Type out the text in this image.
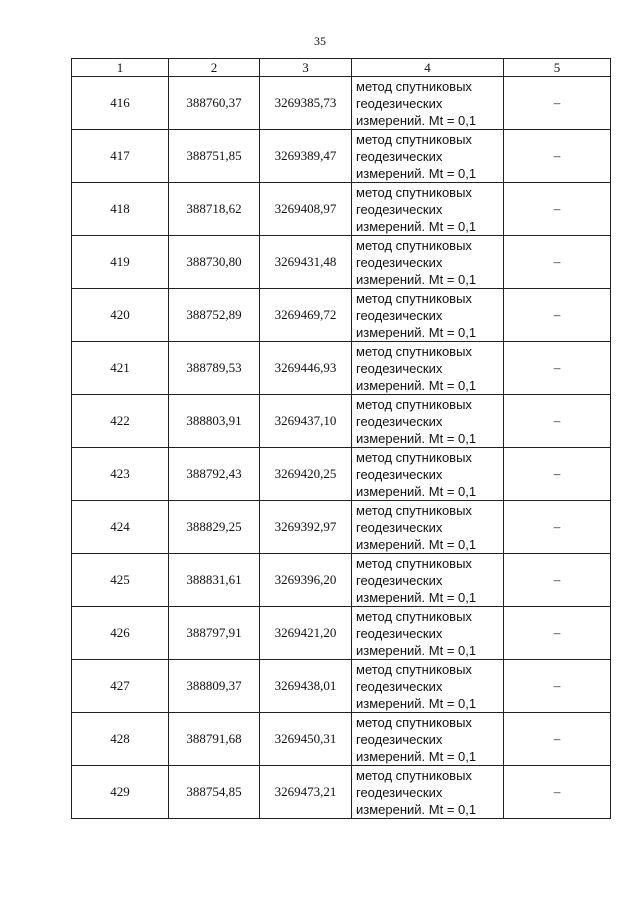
35
1	2	3	4	5
416	388760,37	3269385,73	метод спутниковых
геодезических
измерений. Mt = 0,1	–
417	388751,85	3269389,47	метод спутниковых
геодезических
измерений. Mt = 0,1	–
418	388718,62	3269408,97	метод спутниковых
геодезических
измерений. Mt = 0,1	–
419	388730,80	3269431,48	метод спутниковых
геодезических
измерений. Mt = 0,1	–
420	388752,89	3269469,72	метод спутниковых
геодезических
измерений. Mt = 0,1	–
421	388789,53	3269446,93	метод спутниковых
геодезических
измерений. Mt = 0,1	–
422	388803,91	3269437,10	метод спутниковых
геодезических
измерений. Mt = 0,1	–
423	388792,43	3269420,25	метод спутниковых
геодезических
измерений. Mt = 0,1	–
424	388829,25	3269392,97	метод спутниковых
геодезических
измерений. Mt = 0,1	–
425	388831,61	3269396,20	метод спутниковых
геодезических
измерений. Mt = 0,1	–
426	388797,91	3269421,20	метод спутниковых
геодезических
измерений. Mt = 0,1	–
427	388809,37	3269438,01	метод спутниковых
геодезических
измерений. Mt = 0,1	–
428	388791,68	3269450,31	метод спутниковых
геодезических
измерений. Mt = 0,1	–
429	388754,85	3269473,21	метод спутниковых
геодезических
измерений. Mt = 0,1	–
